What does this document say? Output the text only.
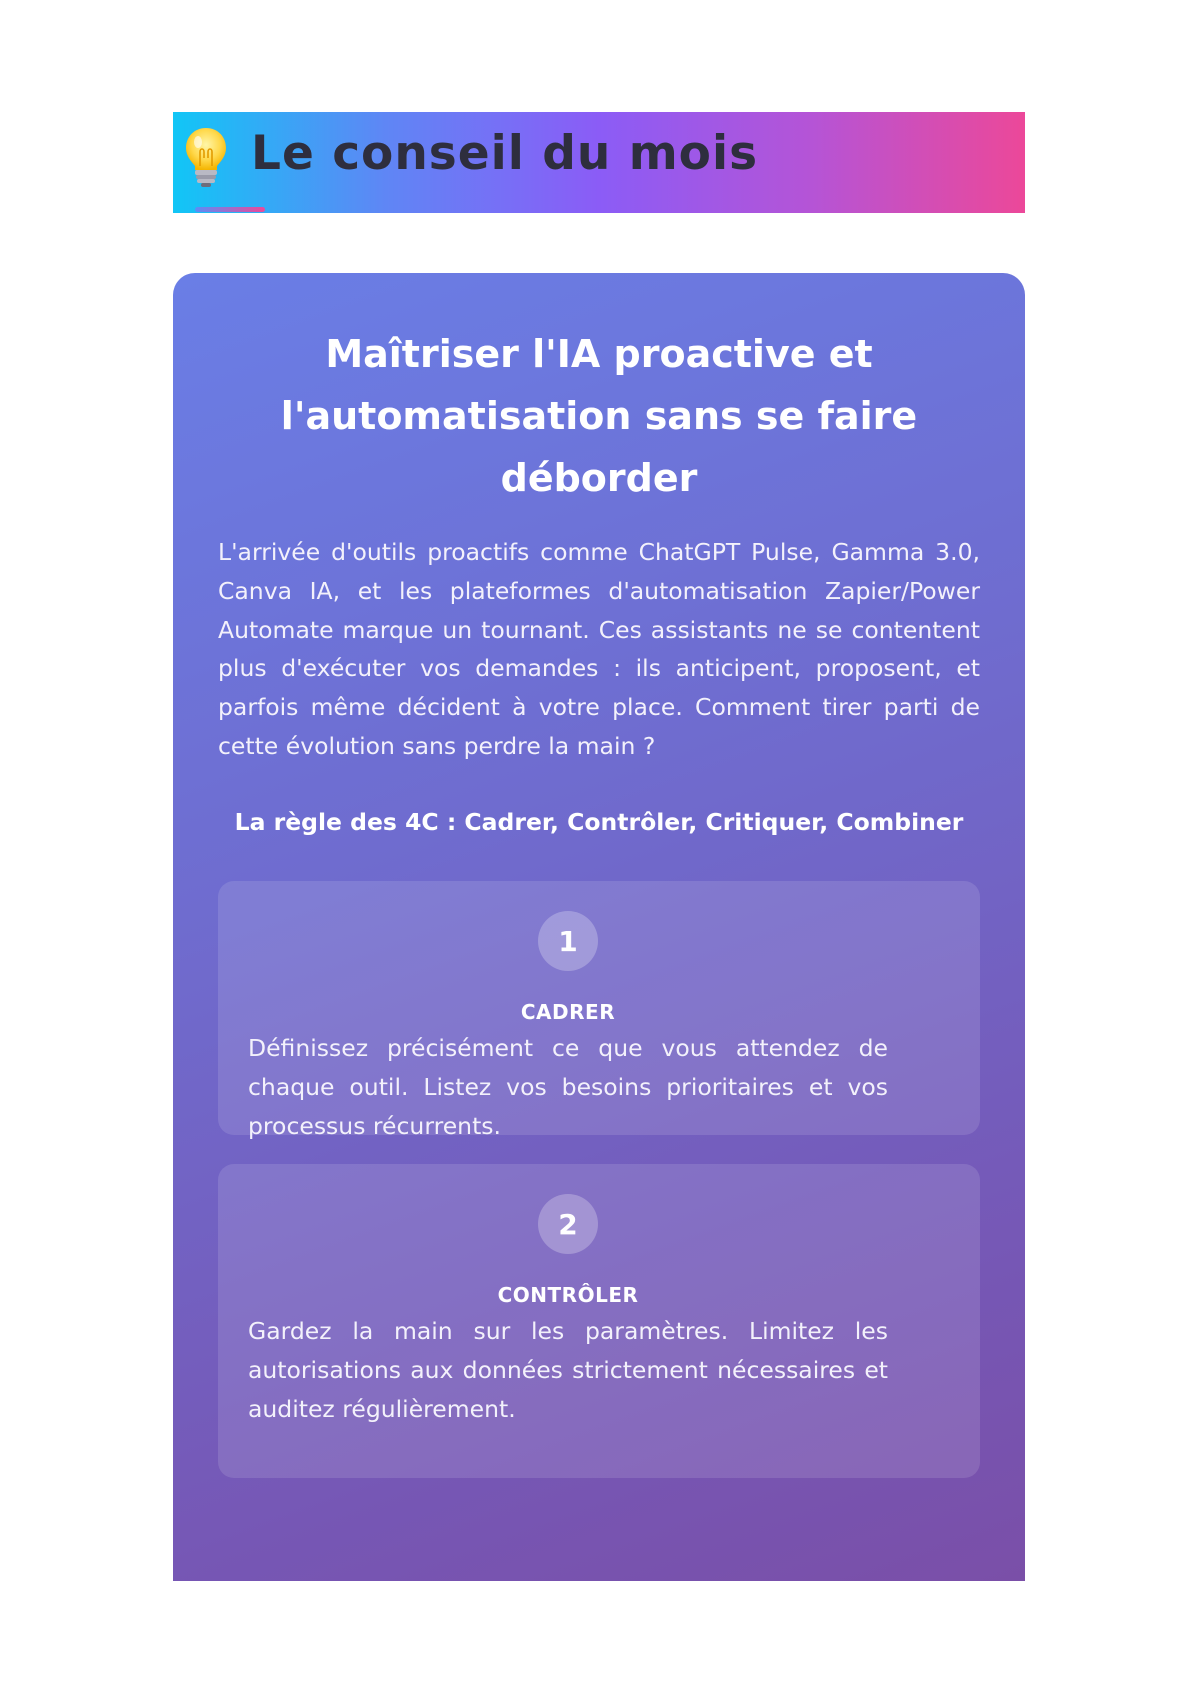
Le conseil du mois
Maîtriser l'IA proactive et l'automatisation sans se faire déborder

L'arrivée d'outils proactifs comme ChatGPT Pulse, Gamma 3.0, Canva IA, et les plateformes d'automatisation Zapier/Power Automate marque un tournant. Ces assistants ne se contentent plus d'exécuter vos demandes : ils anticipent, proposent, et parfois même décident à votre place. Comment tirer parti de cette évolution sans perdre la main ?

La règle des 4C : Cadrer, Contrôler, Critiquer, Combiner
1
CADRER

Définissez précisément ce que vous attendez de chaque outil. Listez vos besoins prioritaires et vos processus récurrents.

2
CONTRÔLER

Gardez la main sur les paramètres. Limitez les autorisations aux données strictement nécessaires et auditez régulièrement.
